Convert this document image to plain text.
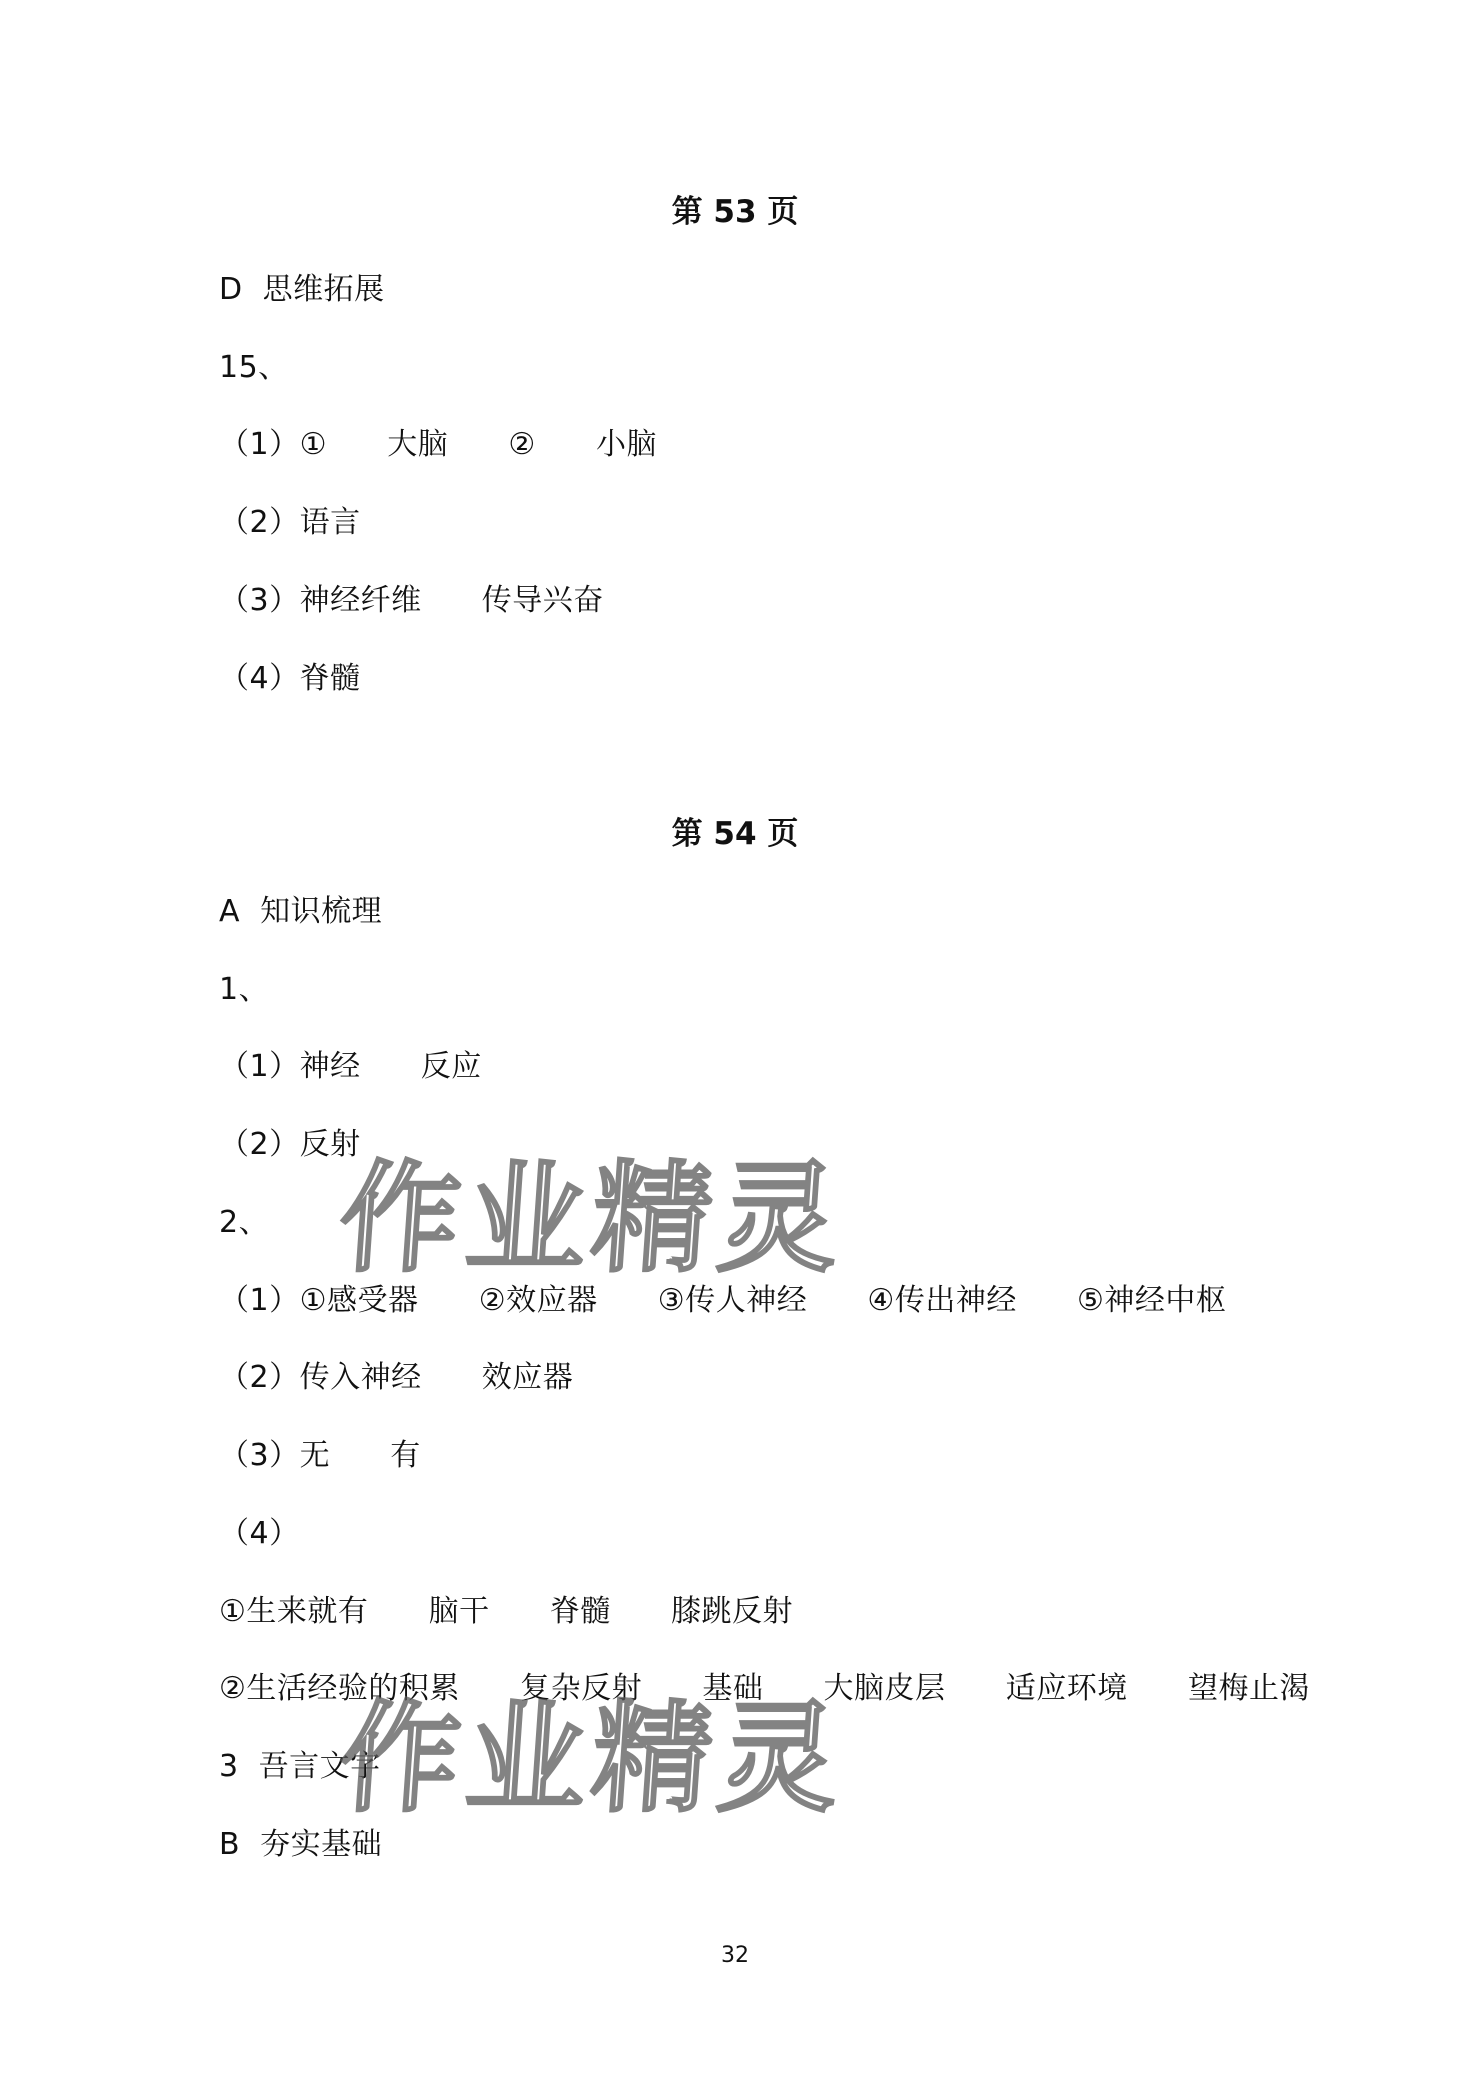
第 53 页
D  思维拓展
15、
（1）①      大脑      ②      小脑
（2）语言
（3）神经纤维      传导兴奋
（4）脊髓
第 54 页
A  知识梳理
1、
（1）神经      反应
（2）反射
2、
（1）①感受器      ②效应器      ③传人神经      ④传出神经      ⑤神经中枢
（2）传入神经      效应器
（3）无      有
（4）
①生来就有      脑干      脊髓      膝跳反射
②生活经验的积累      复杂反射      基础      大脑皮层      适应环境      望梅止渴
3  吾言文字
B  夯实基础
作业精灵
作业精灵
32
